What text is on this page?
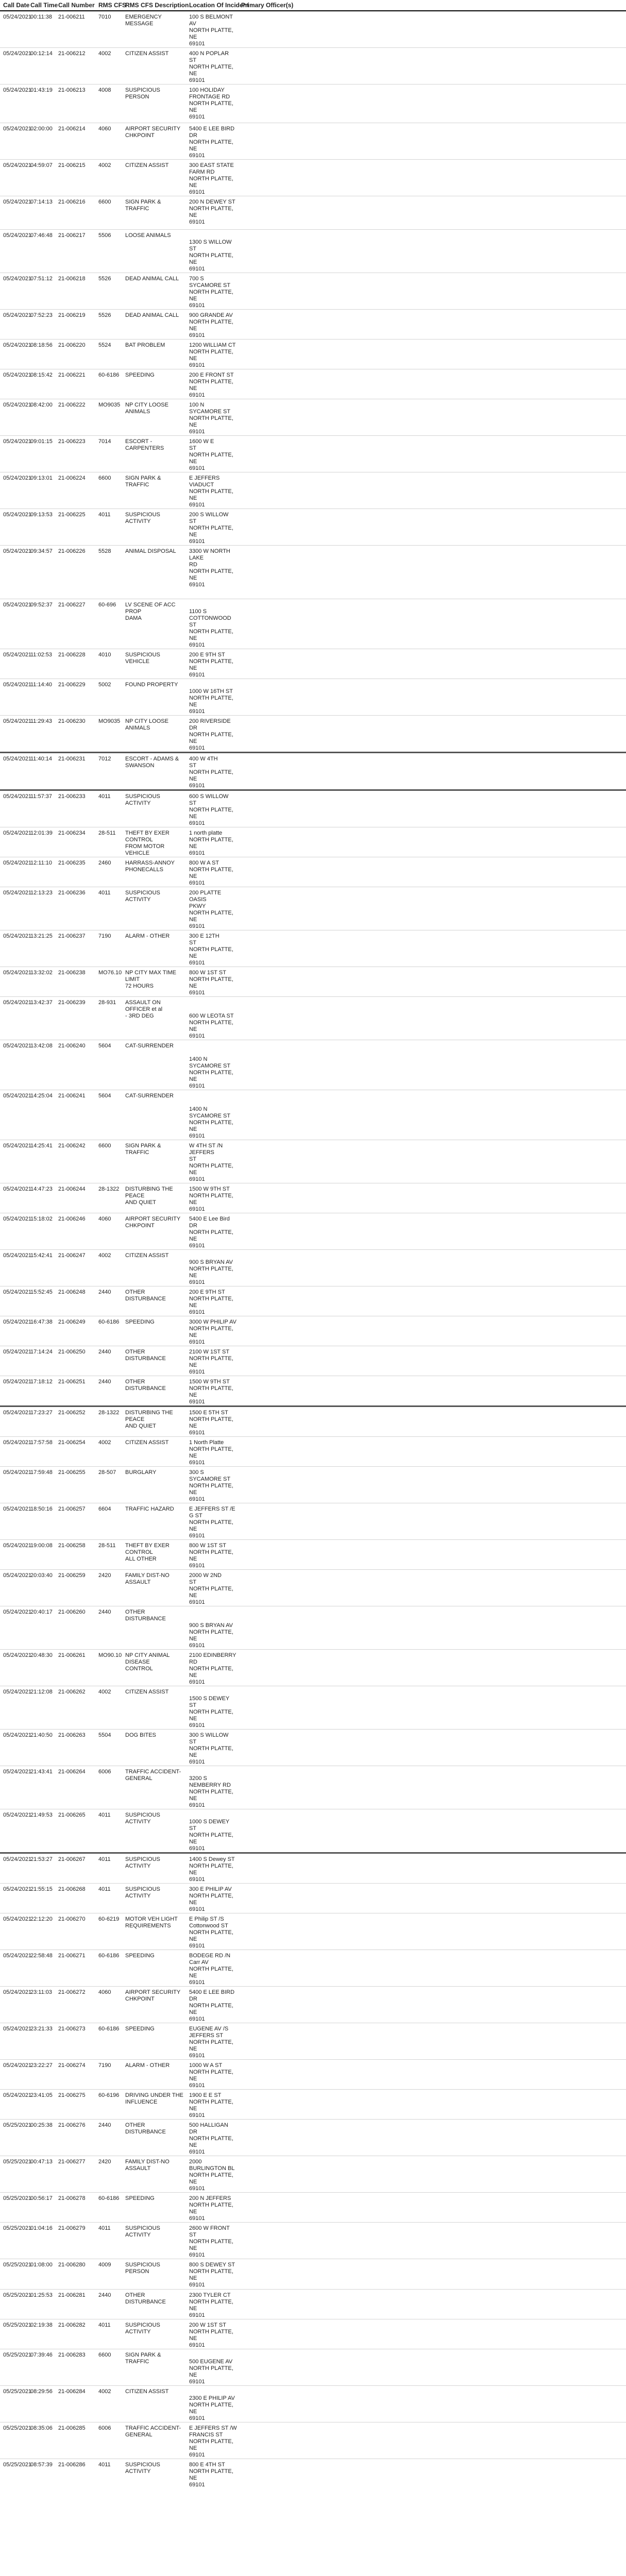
Call Date	Call Time	Call Number	RMS CFS	RMS CFS Description	Location Of Incident	Primary Officer(s)
05/24/2021	00:11:38	21-006211	7010	EMERGENCY MESSAGE	100 S BELMONT AV
NORTH PLATTE, NE
69101	
05/24/2021	00:12:14	21-006212	4002	CITIZEN ASSIST	400 N POPLAR ST
NORTH PLATTE, NE
69101	
05/24/2021	01:43:19	21-006213	4008	SUSPICIOUS PERSON	100 HOLIDAY
FRONTAGE RD
NORTH PLATTE, NE
69101	
05/24/2021	02:00:00	21-006214	4060	AIRPORT SECURITY
CHKPOINT	5400 E LEE BIRD DR
NORTH PLATTE, NE
69101	
05/24/2021	04:59:07	21-006215	4002	CITIZEN ASSIST	300 EAST STATE
FARM RD
NORTH PLATTE, NE
69101	
05/24/2021	07:14:13	21-006216	6600	SIGN PARK & TRAFFIC	200 N DEWEY ST
NORTH PLATTE, NE
69101	
05/24/2021	07:46:48	21-006217	5506	LOOSE ANIMALS	
1300 S WILLOW ST
NORTH PLATTE, NE
69101	
05/24/2021	07:51:12	21-006218	5526	DEAD ANIMAL CALL	700 S SYCAMORE ST
NORTH PLATTE, NE
69101	
05/24/2021	07:52:23	21-006219	5526	DEAD ANIMAL CALL	900 GRANDE AV
NORTH PLATTE, NE
69101	
05/24/2021	08:18:56	21-006220	5524	BAT PROBLEM	1200 WILLIAM CT
NORTH PLATTE, NE
69101	
05/24/2021	08:15:42	21-006221	60-6186	SPEEDING	200 E FRONT ST
NORTH PLATTE, NE
69101	
05/24/2021	08:42:00	21-006222	MO9035	NP CITY LOOSE ANIMALS	100 N SYCAMORE ST
NORTH PLATTE, NE
69101	
05/24/2021	09:01:15	21-006223	7014	ESCORT - CARPENTERS	1600 W E
ST
NORTH PLATTE, NE
69101	
05/24/2021	09:13:01	21-006224	6600	SIGN PARK & TRAFFIC	E JEFFERS VIADUCT
NORTH PLATTE, NE
69101	
05/24/2021	09:13:53	21-006225	4011	SUSPICIOUS ACTIVITY	200 S WILLOW ST
NORTH PLATTE, NE
69101	
05/24/2021	09:34:57	21-006226	5528	ANIMAL DISPOSAL	3300 W NORTH LAKE
RD
NORTH PLATTE, NE
69101	
05/24/2021	09:52:37	21-006227	60-696	LV SCENE OF ACC PROP
DAMA	
1100 S
COTTONWOOD ST
NORTH PLATTE, NE
69101	
05/24/2021	11:02:53	21-006228	4010	SUSPICIOUS VEHICLE	200 E 9TH ST
NORTH PLATTE, NE
69101	
05/24/2021	11:14:40	21-006229	5002	FOUND PROPERTY	
1000 W 16TH ST
NORTH PLATTE, NE
69101	
05/24/2021	11:29:43	21-006230	MO9035	NP CITY LOOSE ANIMALS	200 RIVERSIDE DR
NORTH PLATTE, NE
69101	
05/24/2021	11:40:14	21-006231	7012	ESCORT - ADAMS &
SWANSON	400 W 4TH
ST
NORTH PLATTE, NE
69101	
05/24/2021	11:57:37	21-006233	4011	SUSPICIOUS ACTIVITY	600 S WILLOW ST
NORTH PLATTE, NE
69101	
05/24/2021	12:01:39	21-006234	28-511	THEFT BY EXER CONTROL
FROM MOTOR VEHICLE	1 north platte
NORTH PLATTE, NE
69101	
05/24/2021	12:11:10	21-006235	2460	HARRASS-ANNOY
PHONECALLS	800 W A ST
NORTH PLATTE, NE
69101	
05/24/2021	12:13:23	21-006236	4011	SUSPICIOUS ACTIVITY	200 PLATTE OASIS
PKWY
NORTH PLATTE, NE
69101	
05/24/2021	13:21:25	21-006237	7190	ALARM - OTHER	300 E 12TH
ST
NORTH PLATTE, NE
69101	
05/24/2021	13:32:02	21-006238	MO76.10	NP CITY MAX TIME LIMIT
72 HOURS	800 W 1ST ST
NORTH PLATTE, NE
69101	
05/24/2021	13:42:37	21-006239	28-931	ASSAULT ON OFFICER et al
- 3RD DEG	

600 W LEOTA ST
NORTH PLATTE, NE
69101	
05/24/2021	13:42:08	21-006240	5604	CAT-SURRENDER	

1400 N SYCAMORE ST
NORTH PLATTE, NE
69101	
05/24/2021	14:25:04	21-006241	5604	CAT-SURRENDER	

1400 N SYCAMORE ST
NORTH PLATTE, NE
69101	
05/24/2021	14:25:41	21-006242	6600	SIGN PARK & TRAFFIC	W 4TH ST /N JEFFERS
ST
NORTH PLATTE, NE
69101	
05/24/2021	14:47:23	21-006244	28-1322	DISTURBING THE PEACE
AND QUIET	1500 W 9TH ST
NORTH PLATTE, NE
69101	
05/24/2021	15:18:02	21-006246	4060	AIRPORT SECURITY
CHKPOINT	5400 E Lee Bird DR
NORTH PLATTE, NE
69101	
05/24/2021	15:42:41	21-006247	4002	CITIZEN ASSIST	
900 S BRYAN AV
NORTH PLATTE, NE
69101	
05/24/2021	15:52:45	21-006248	2440	OTHER DISTURBANCE	200 E 9TH ST
NORTH PLATTE, NE
69101	
05/24/2021	16:47:38	21-006249	60-6186	SPEEDING	3000 W PHILIP AV
NORTH PLATTE, NE
69101	
05/24/2021	17:14:24	21-006250	2440	OTHER DISTURBANCE	2100 W 1ST ST
NORTH PLATTE, NE
69101	
05/24/2021	17:18:12	21-006251	2440	OTHER DISTURBANCE	1500 W 9TH ST
NORTH PLATTE, NE
69101	
05/24/2021	17:23:27	21-006252	28-1322	DISTURBING THE PEACE
AND QUIET	1500 E 5TH ST
NORTH PLATTE, NE
69101	
05/24/2021	17:57:58	21-006254	4002	CITIZEN ASSIST	1 North Platte
NORTH PLATTE, NE
69101	
05/24/2021	17:59:48	21-006255	28-507	BURGLARY	300 S SYCAMORE ST
NORTH PLATTE, NE
69101	
05/24/2021	18:50:16	21-006257	6604	TRAFFIC HAZARD	E JEFFERS ST /E G ST
NORTH PLATTE, NE
69101	
05/24/2021	19:00:08	21-006258	28-511	THEFT BY EXER CONTROL
ALL OTHER	800 W 1ST ST
NORTH PLATTE, NE
69101	
05/24/2021	20:03:40	21-006259	2420	FAMILY DIST-NO ASSAULT	2000 W 2ND
ST
NORTH PLATTE, NE
69101	
05/24/2021	20:40:17	21-006260	2440	OTHER DISTURBANCE	

900 S BRYAN AV
NORTH PLATTE, NE
69101	
05/24/2021	20:48:30	21-006261	MO90.10	NP CITY ANIMAL DISEASE
CONTROL	2100 EDINBERRY
RD
NORTH PLATTE, NE
69101	
05/24/2021	21:12:08	21-006262	4002	CITIZEN ASSIST	
1500 S DEWEY ST
NORTH PLATTE, NE
69101	
05/24/2021	21:40:50	21-006263	5504	DOG BITES	300 S WILLOW ST
NORTH PLATTE, NE
69101	
05/24/2021	21:43:41	21-006264	6006	TRAFFIC ACCIDENT-
GENERAL	
3200 S NEMBERRY RD
NORTH PLATTE, NE
69101	
05/24/2021	21:49:53	21-006265	4011	SUSPICIOUS ACTIVITY	
1000 S DEWEY ST
NORTH PLATTE, NE
69101	
05/24/2021	21:53:27	21-006267	4011	SUSPICIOUS ACTIVITY	1400 S Dewey ST
NORTH PLATTE, NE
69101	
05/24/2021	21:55:15	21-006268	4011	SUSPICIOUS ACTIVITY	300 E PHILIP AV
NORTH PLATTE, NE
69101	
05/24/2021	22:12:20	21-006270	60-6219	MOTOR VEH LIGHT
REQUIREMENTS	E Philip ST /S
Cottonwood ST
NORTH PLATTE, NE
69101	
05/24/2021	22:58:48	21-006271	60-6186	SPEEDING	BODEGE RD /N Carr AV
NORTH PLATTE, NE
69101	
05/24/2021	23:11:03	21-006272	4060	AIRPORT SECURITY
CHKPOINT	5400 E LEE BIRD DR
NORTH PLATTE, NE
69101	
05/24/2021	23:21:33	21-006273	60-6186	SPEEDING	EUGENE AV /S
JEFFERS ST
NORTH PLATTE, NE
69101	
05/24/2021	23:22:27	21-006274	7190	ALARM - OTHER	1000 W A ST
NORTH PLATTE, NE
69101	
05/24/2021	23:41:05	21-006275	60-6196	DRIVING UNDER THE
INFLUENCE	1900 E E ST
NORTH PLATTE, NE
69101	
05/25/2021	00:25:38	21-006276	2440	OTHER DISTURBANCE	500 HALLIGAN DR
NORTH PLATTE, NE
69101	
05/25/2021	00:47:13	21-006277	2420	FAMILY DIST-NO ASSAULT	2000 BURLINGTON BL
NORTH PLATTE, NE
69101	
05/25/2021	00:56:17	21-006278	60-6186	SPEEDING	200 N JEFFERS
NORTH PLATTE, NE
69101	
05/25/2021	01:04:16	21-006279	4011	SUSPICIOUS ACTIVITY	2600 W FRONT ST
NORTH PLATTE, NE
69101	
05/25/2021	01:08:00	21-006280	4009	SUSPICIOUS PERSON	800 S DEWEY ST
NORTH PLATTE, NE
69101	
05/25/2021	01:25:53	21-006281	2440	OTHER DISTURBANCE	2300 TYLER CT
NORTH PLATTE, NE
69101	
05/25/2021	02:19:38	21-006282	4011	SUSPICIOUS ACTIVITY	200 W 1ST ST
NORTH PLATTE, NE
69101	
05/25/2021	07:39:46	21-006283	6600	SIGN PARK & TRAFFIC	
500 EUGENE AV
NORTH PLATTE, NE
69101	
05/25/2021	08:29:56	21-006284	4002	CITIZEN ASSIST	
2300 E PHILIP AV
NORTH PLATTE, NE
69101	
05/25/2021	08:35:06	21-006285	6006	TRAFFIC ACCIDENT-
GENERAL	E JEFFERS ST /W
FRANCIS ST
NORTH PLATTE, NE
69101	
05/25/2021	08:57:39	21-006286	4011	SUSPICIOUS ACTIVITY	800 E 4TH ST
NORTH PLATTE, NE
69101	
